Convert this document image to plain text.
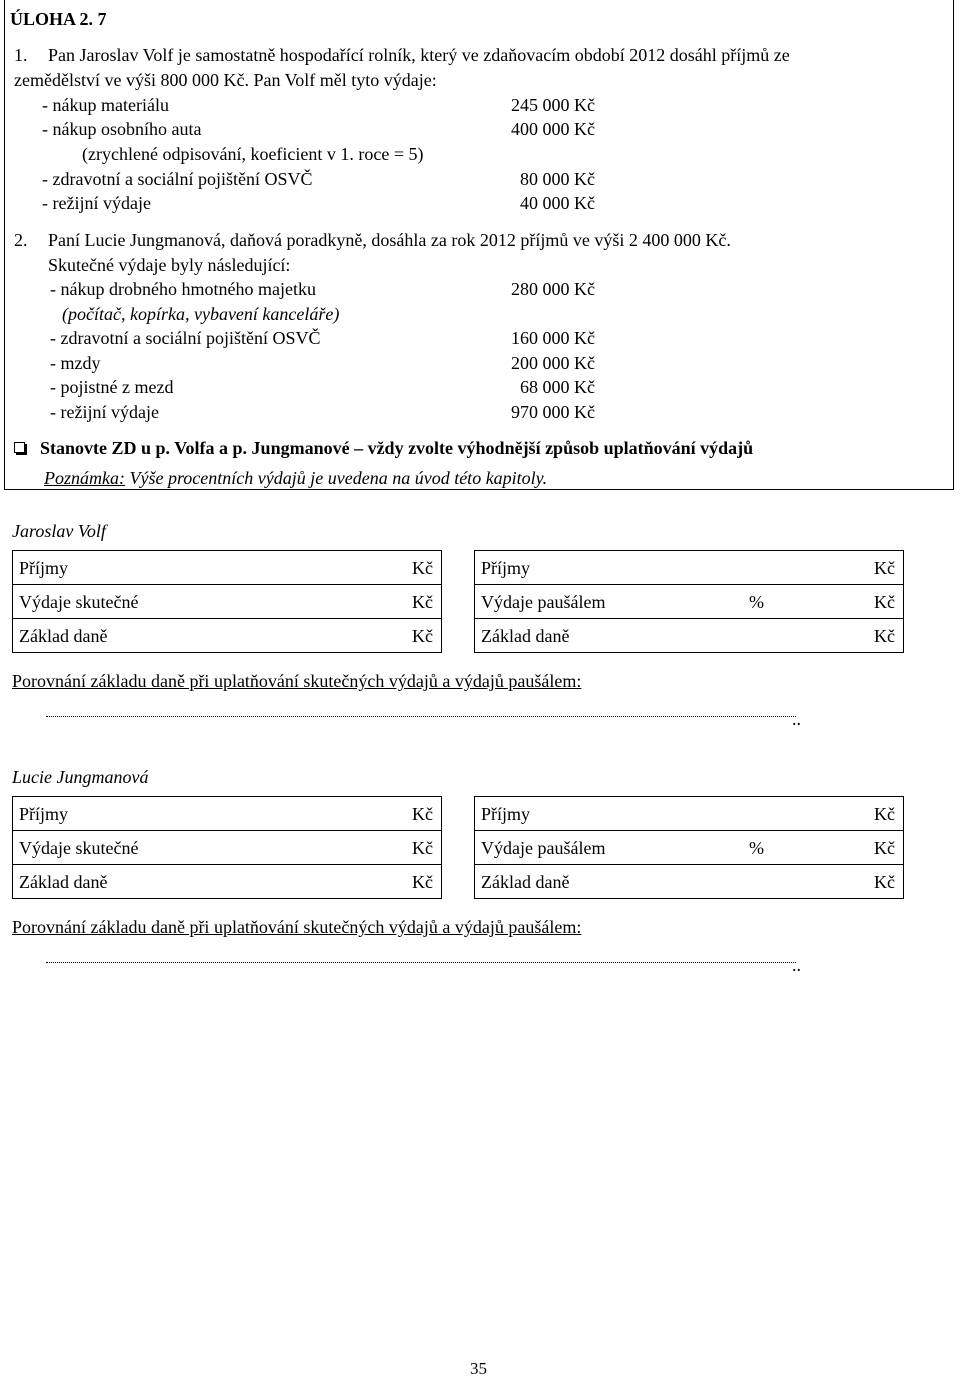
ÚLOHA 2. 7
1. Pan Jaroslav Volf je samostatně hospodařící rolník, který ve zdaňovacím období 2012 dosáhl příjmů ze
zemědělství ve výši 800 000 Kč. Pan Volf měl tyto výdaje:
- nákup materiálu	245 000 Kč
- nákup osobního auta	400 000 Kč
(zrychlené odpisování, koeficient v 1. roce = 5)
- zdravotní a sociální pojištění OSVČ	80 000 Kč
- režijní výdaje	40 000 Kč
2. Paní Lucie Jungmanová, daňová poradkyně, dosáhla za rok 2012 příjmů ve výši 2 400 000 Kč.
Skutečné výdaje byly následující:
- nákup drobného hmotného majetku	280 000 Kč
(počítač, kopírka, vybavení kanceláře)
- zdravotní a sociální pojištění OSVČ	160 000 Kč
- mzdy	200 000 Kč
- pojistné z mezd	68 000 Kč
- režijní výdaje	970 000 Kč
Stanovte ZD u p. Volfa a p. Jungmanové – vždy zvolte výhodnější způsob uplatňování výdajů
Poznámka: Výše procentních výdajů je uvedena na úvod této kapitoly.
Jaroslav Volf
Příjmy	Kč

Výdaje skutečné	Kč

Základ daně	Kč
Příjmy	Kč

Výdaje paušálem	%	Kč

Základ daně	Kč
Porovnání základu daně při uplatňování skutečných výdajů a výdajů paušálem:
..
Lucie Jungmanová
Příjmy	Kč

Výdaje skutečné	Kč

Základ daně	Kč
Příjmy	Kč

Výdaje paušálem	%	Kč

Základ daně	Kč
Porovnání základu daně při uplatňování skutečných výdajů a výdajů paušálem:
..
35
